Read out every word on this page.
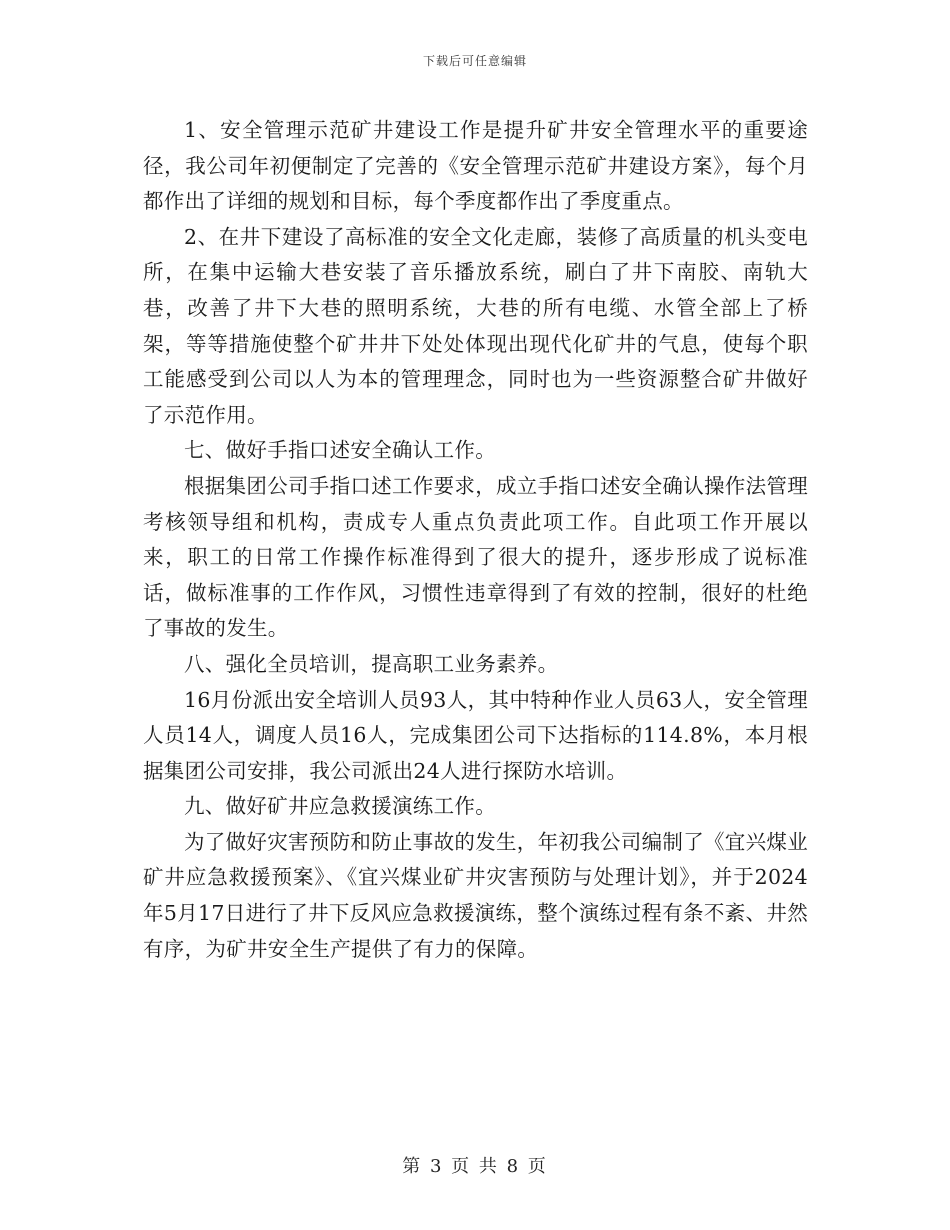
下载后可任意编辑

1、安全管理示范矿井建设工作是提升矿井安全管理水平的重要途径，我公司年初便制定了完善的《安全管理示范矿井建设方案》，每个月都作出了详细的规划和目标，每个季度都作出了季度重点。

2、在井下建设了高标准的安全文化走廊，装修了高质量的机头变电所，在集中运输大巷安装了音乐播放系统，刷白了井下南胶、南轨大巷，改善了井下大巷的照明系统，大巷的所有电缆、水管全部上了桥架，等等措施使整个矿井井下处处体现出现代化矿井的气息，使每个职工能感受到公司以人为本的管理理念，同时也为一些资源整合矿井做好了示范作用。

七、做好手指口述安全确认工作。

根据集团公司手指口述工作要求，成立手指口述安全确认操作法管理考核领导组和机构，责成专人重点负责此项工作。自此项工作开展以来，职工的日常工作操作标准得到了很大的提升，逐步形成了说标准话，做标准事的工作作风，习惯性违章得到了有效的控制，很好的杜绝了事故的发生。

八、强化全员培训，提高职工业务素养。

16月份派出安全培训人员93人，其中特种作业人员63人，安全管理人员14人，调度人员16人，完成集团公司下达指标的114.8%，本月根据集团公司安排，我公司派出24人进行探防水培训。

九、做好矿井应急救援演练工作。

为了做好灾害预防和防止事故的发生，年初我公司编制了《宜兴煤业矿井应急救援预案》、《宜兴煤业矿井灾害预防与处理计划》，并于2024年5月17日进行了井下反风应急救援演练，整个演练过程有条不紊、井然有序，为矿井安全生产提供了有力的保障。

第 3 页 共 8 页
